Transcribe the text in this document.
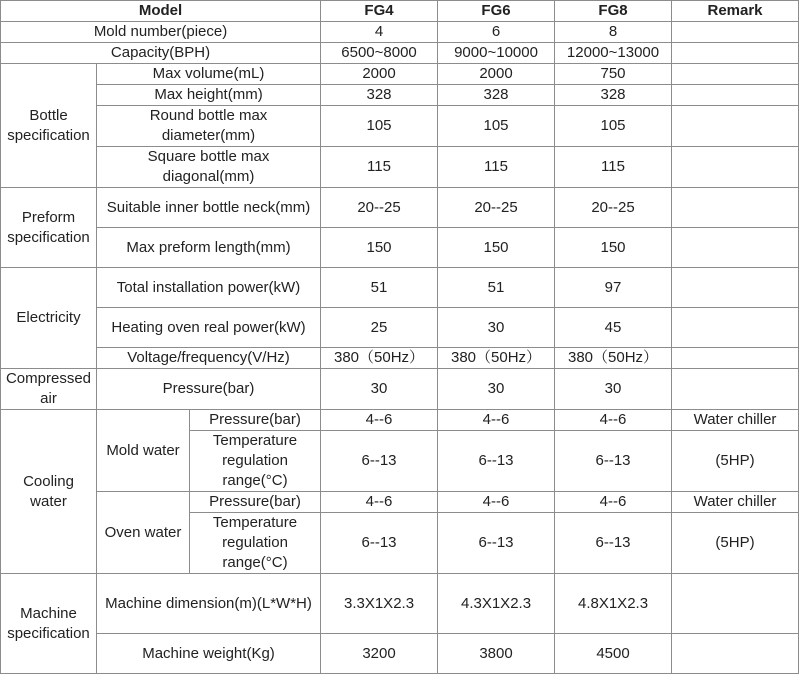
Model			FG4	FG6	FG8	Remark
Mold number(piece)			4	6	8	
Capacity(BPH)			6500~8000	9000~10000	12000~13000	
Bottle specification	Max volume(mL)		2000	2000	750	
	Max height(mm)		328	328	328	
	Round bottle max diameter(mm)		105	105	105	
	Square bottle max diagonal(mm)		115	115	115	
Preform specification	Suitable inner bottle neck(mm)		20--25	20--25	20--25	
	Max preform length(mm)		150	150	150	
Electricity	Total installation power(kW)		51	51	97	
	Heating oven real power(kW)		25	30	45	
	Voltage/frequency(V/Hz)		380（50Hz）	380（50Hz）	380（50Hz）	
Compressed air	Pressure(bar)		30	30	30	
Cooling water	Mold water	Pressure(bar)	4--6	4--6	4--6	Water chiller
		Temperature regulation range(°C)	6--13	6--13	6--13	(5HP)
	Oven water	Pressure(bar)	4--6	4--6	4--6	Water chiller
		Temperature regulation range(°C)	6--13	6--13	6--13	(5HP)
Machine specification	Machine dimension(m)(L*W*H)		3.3X1X2.3	4.3X1X2.3	4.8X1X2.3	
	Machine weight(Kg)		3200	3800	4500	
